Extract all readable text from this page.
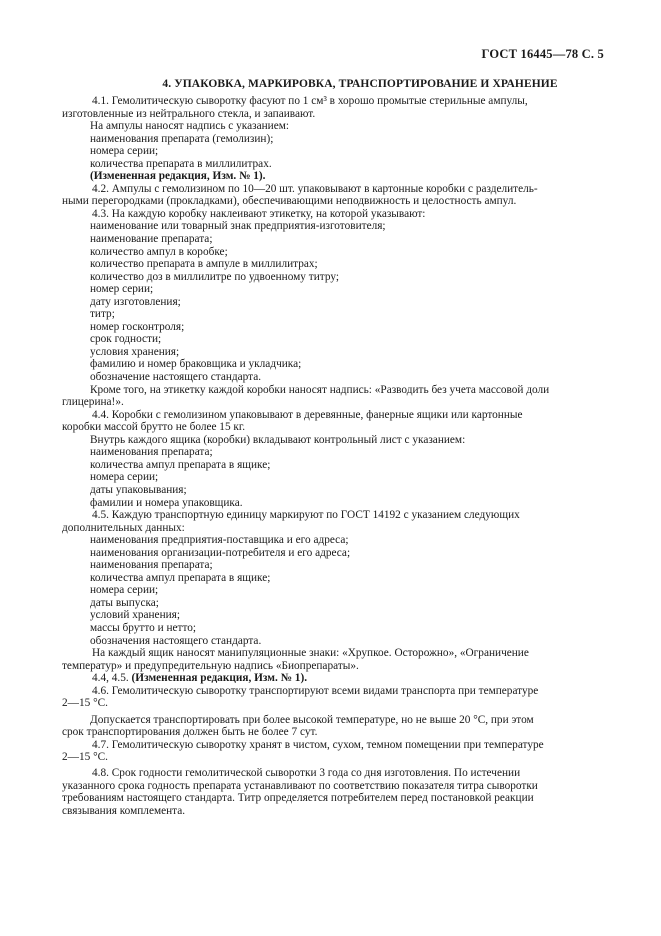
ГОСТ 16445—78 С. 5
4. УПАКОВКА, МАРКИРОВКА, ТРАНСПОРТИРОВАНИЕ И ХРАНЕНИЕ

4.1. Гемолитическую сыворотку фасуют по 1 см³ в хорошо промытые стерильные ампулы,

изготовленные из нейтрального стекла, и запаивают.

На ампулы наносят надпись с указанием:

наименования препарата (гемолизин);

номера серии;

количества препарата в миллилитрах.

(Измененная редакция, Изм. № 1).

4.2. Ампулы с гемолизином по 10—20 шт. упаковывают в картонные коробки с разделитель-

ными перегородками (прокладками), обеспечивающими неподвижность и целостность ампул.

4.3. На каждую коробку наклеивают этикетку, на которой указывают:

наименование или товарный знак предприятия-изготовителя;

наименование препарата;

количество ампул в коробке;

количество препарата в ампуле в миллилитрах;

количество доз в миллилитре по удвоенному титру;

номер серии;

дату изготовления;

титр;

номер госконтроля;

срок годности;

условия хранения;

фамилию и номер браковщика и укладчика;

обозначение настоящего стандарта.

Кроме того, на этикетку каждой коробки наносят надпись: «Разводить без учета массовой доли

глицерина!».

4.4. Коробки с гемолизином упаковывают в деревянные, фанерные ящики или картонные

коробки массой брутто не более 15 кг.

Внутрь каждого ящика (коробки) вкладывают контрольный лист с указанием:

наименования препарата;

количества ампул препарата в ящике;

номера серии;

даты упаковывания;

фамилии и номера упаковщика.

4.5. Каждую транспортную единицу маркируют по ГОСТ 14192 с указанием следующих

дополнительных данных:

наименования предприятия-поставщика и его адреса;

наименования организации-потребителя и его адреса;

наименования препарата;

количества ампул препарата в ящике;

номера серии;

даты выпуска;

условий хранения;

массы брутто и нетто;

обозначения настоящего стандарта.

На каждый ящик наносят манипуляционные знаки: «Хрупкое. Осторожно», «Ограничение

температур» и предупредительную надпись «Биопрепараты».

4.4, 4.5. (Измененная редакция, Изм. № 1).

4.6. Гемолитическую сыворотку транспортируют всеми видами транспорта при температуре

2—15 °С.

Допускается транспортировать при более высокой температуре, но не выше 20 °С, при этом

срок транспортирования должен быть не более 7 сут.

4.7. Гемолитическую сыворотку хранят в чистом, сухом, темном помещении при температуре

2—15 °С.

4.8. Срок годности гемолитической сыворотки 3 года со дня изготовления. По истечении

указанного срока годность препарата устанавливают по соответствию показателя титра сыворотки

требованиям настоящего стандарта. Титр определяется потребителем перед постановкой реакции

связывания комплемента.
